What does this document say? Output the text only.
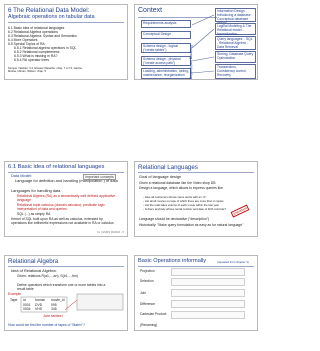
6 The Relational Data Model:
Algebraic operations on tabular data
6.1 Basic idea of relational languages
6.2 Relational Algebra operations
6.3 Relational Algebra: Syntax and Semantics
6.4 More Operators
6.5 Special Topics of RA
6.5.1 Relational algebra operators in SQL
6.5.2 Relational completeness
6.5.3 What is missing in RA?
6.5.4 RA operator trees
Kemper / Eickler: 3.4, Elmasri /Navathe: chap. 7.4-7.6, Garcia-Molina, Ullman, Widom: chap. 5
Context
Requirements analysis
Conceptual Design
Schema design - logical ("create tables")
Schema design - physical ("create access path")
Loading, administration, tuning, maintenance, reorganization
Information Design - Introducing a database - Conceptual database design
Logical Modeling & The Relational model - Normalization
Query languages: - SQL - Relational Algebra - Data Retrieval
Storing, Database Query Optimization
Transactions, Consistency control, Recovery
Designing and Modeling
6.1 Basic idea of relational languages
Data Model:	Important concepts
Language for definition and handling (manipulation ) of data
Languages for handling data
Relational Algebra (RA) as a semantically well defined applicative language
Relational tuple calculus (domain calculus): predicate logic interpretation of data and queries
SQL (...) as simply RA
Kernel of SQL built upon RA as well as calculus, extended by operations like arithmetic expressions not available in RA or calculus
fm | HS/RS 06/2004 - 5
Relational Languages
Goal of language design
Given a relational database like the Video shop DB
Design a language, which allows to express queries like
- Give all customers whose name starts with an "A"
- List all all movies on tape of which there are more than 2 copies
- List the total sales volume of each movie within the last year
- Is there anybody whose rental number and date of birth coincide?	Important
Language should be declarative ("description")
Historically: "Make query formulation as easy as for natural language"
Relational Algebra
Idea of Relational Algebra:
Given: relations R(a1,...,an), S(b1,...,bm)
Define operators which transform one or more tables into a result table
Example
Tape id	format movie_id
0001 DVD	095
0004 VHS	345
Join tables!
How could we find the number of tapes of "Matrix"?
Basic Operations informally	(repeated from chapter 3)
Projection
Selection
Join
Difference
Cartesian Product
(Renaming)
